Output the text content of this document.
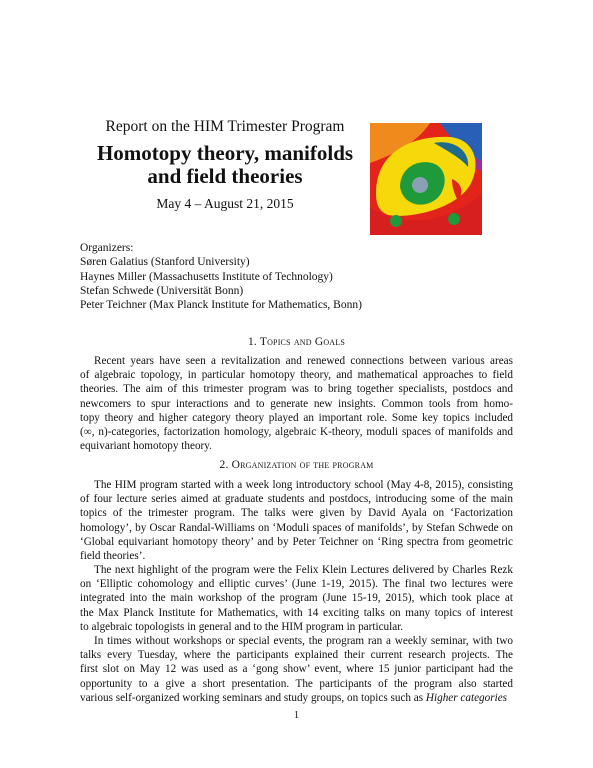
Report on the HIM Trimester Program
Homotopy theory, manifolds
and field theories
May 4 – August 21, 2015
Organizers:
Søren Galatius (Stanford University)
Haynes Miller (Massachusetts Institute of Technology)
Stefan Schwede (Universität Bonn)
Peter Teichner (Max Planck Institute for Mathematics, Bonn)
1. Topics and Goals
Recent years have seen a revitalization and renewed connections between various areas
of algebraic topology, in particular homotopy theory, and mathematical approaches to field
theories. The aim of this trimester program was to bring together specialists, postdocs and
newcomers to spur interactions and to generate new insights. Common tools from homo-
topy theory and higher category theory played an important role. Some key topics included
(∞, n)-categories, factorization homology, algebraic K-theory, moduli spaces of manifolds and
equivariant homotopy theory.
2. Organization of the program
The HIM program started with a week long introductory school (May 4-8, 2015), consisting
of four lecture series aimed at graduate students and postdocs, introducing some of the main
topics of the trimester program. The talks were given by David Ayala on ‘Factorization
homology’, by Oscar Randal-Williams on ‘Moduli spaces of manifolds’, by Stefan Schwede on
‘Global equivariant homotopy theory’ and by Peter Teichner on ‘Ring spectra from geometric
field theories’.
The next highlight of the program were the Felix Klein Lectures delivered by Charles Rezk
on ‘Elliptic cohomology and elliptic curves’ (June 1-19, 2015). The final two lectures were
integrated into the main workshop of the program (June 15-19, 2015), which took place at
the Max Planck Institute for Mathematics, with 14 exciting talks on many topics of interest
to algebraic topologists in general and to the HIM program in particular.
In times without workshops or special events, the program ran a weekly seminar, with two
talks every Tuesday, where the participants explained their current research projects. The
first slot on May 12 was used as a ‘gong show’ event, where 15 junior participant had the
opportunity to a give a short presentation. The participants of the program also started
various self-organized working seminars and study groups, on topics such as Higher categories
1
